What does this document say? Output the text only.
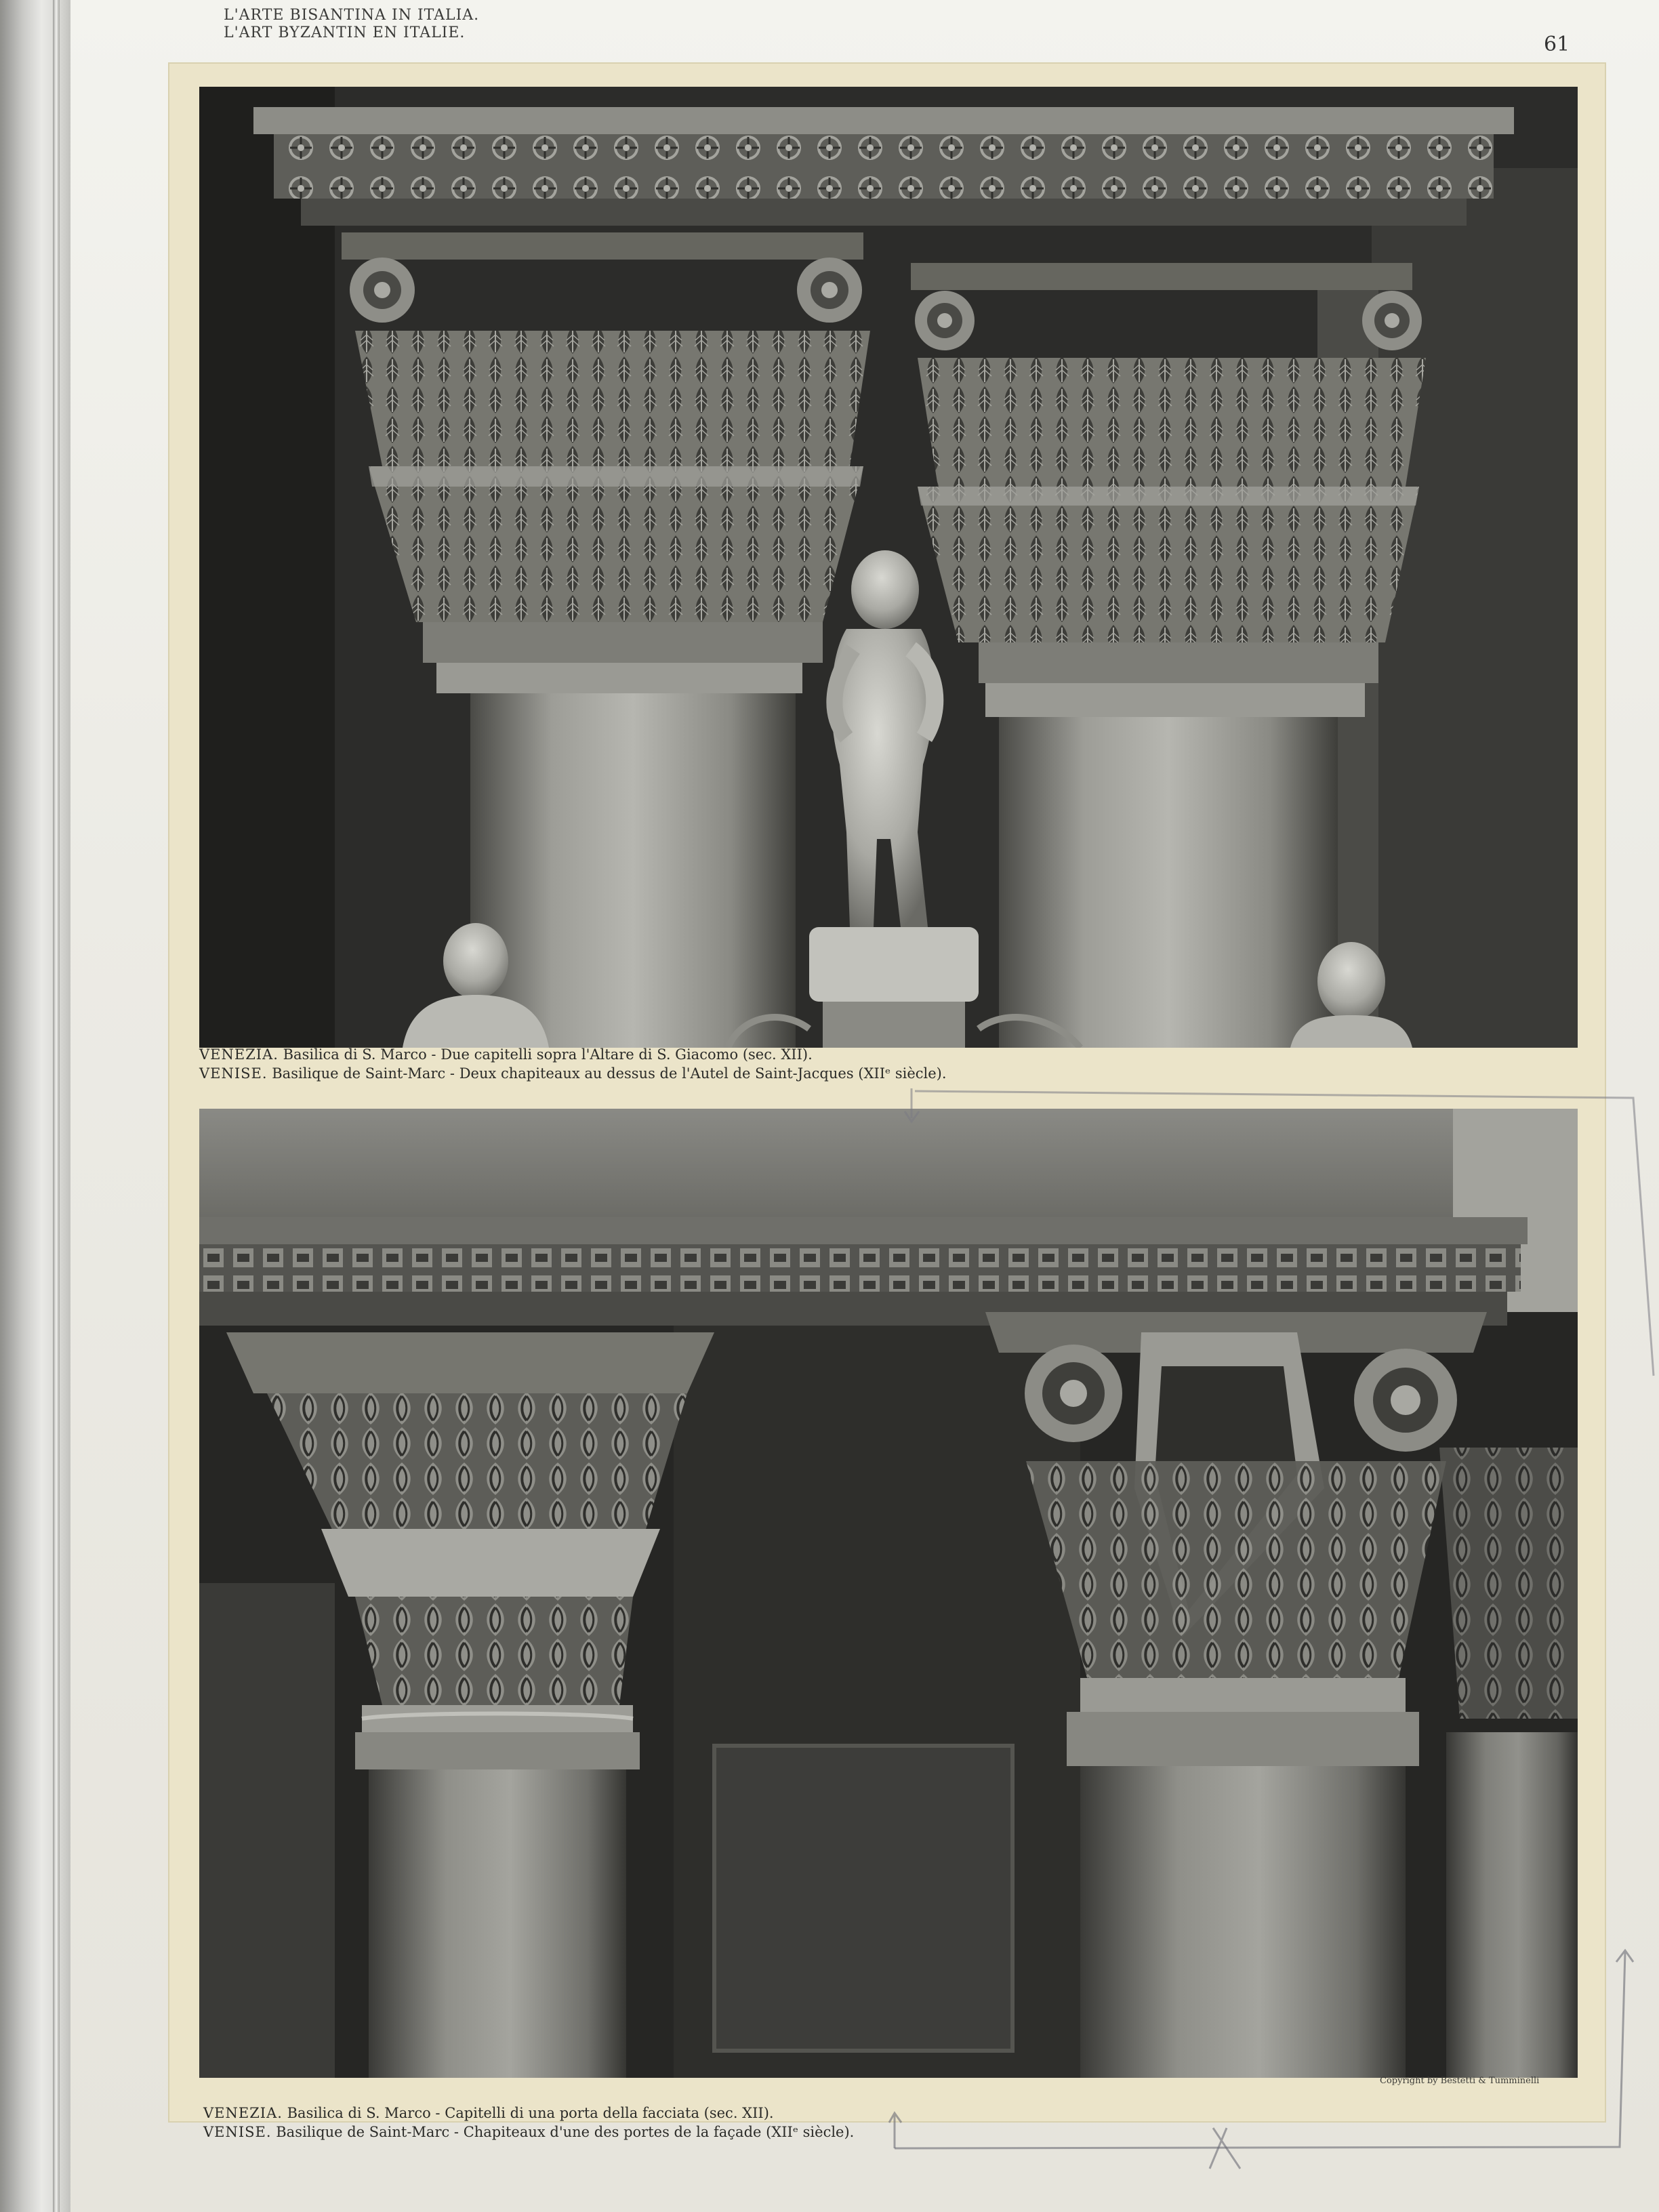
L'ARTE BISANTINA IN ITALIA.
L'ART BYZANTIN EN ITALIE.	61
VENEZIA. Basilica di S. Marco - Due capitelli sopra l'Altare di S. Giacomo (sec. XII).
VENISE. Basilique de Saint-Marc - Deux chapiteaux au dessus de l'Autel de Saint-Jacques (XIIᵉ siècle).
Copyright by Bestetti & Tumminelli
VENEZIA. Basilica di S. Marco - Capitelli di una porta della facciata (sec. XII).
VENISE. Basilique de Saint-Marc - Chapiteaux d'une des portes de la façade (XIIᵉ siècle).
